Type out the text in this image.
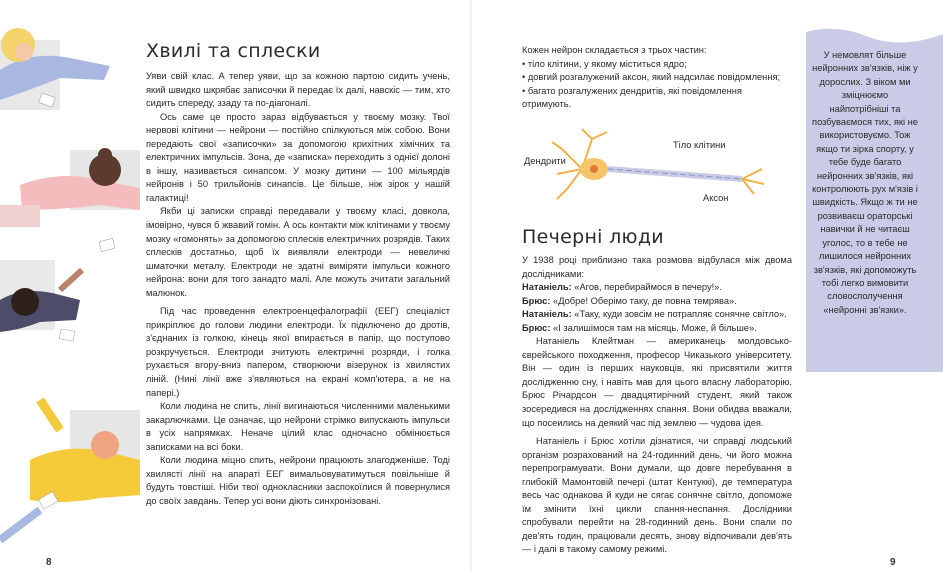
Хвилі та сплески

Уяви свій клас. А тепер уяви, що за кожною партою сидить учень, який швидко шкрябає записочки й передає їх далі, навскіс — тим, хто сидить спереду, ззаду та по-діагоналі.

Ось саме це просто зараз відбувається у твоєму мозку. Твої нервові клітини — нейрони — постійно спілкуються між собою. Вони передають свої «записочки» за допомогою крихітних хімічних та електричних імпульсів. Зона, де «записка» переходить з однієї долоні в іншу, називається синапсом. У мозку дитини — 100 мільярдів нейронів і 50 трильйонів синапсів. Це більше, ніж зірок у нашій галактиці!

Якби ці записки справді передавали у твоєму класі, довкола, імовірно, чувся б жвавий гомін. А ось контакти між клітинами у твоєму мозку «гомонять» за допомогою сплесків електричних розрядів. Таких сплесків достатньо, щоб їх виявляли електроди — невеличкі шматочки металу. Електроди не здатні виміряти імпульси кожного нейрона: вони для того занадто малі. Але можуть зчитати загальний малюнок.

Під час проведення електроенцефалографії (ЕЕГ) спеціаліст прикріплює до голови людини електроди. Їх підключено до дротів, з'єднаних із голкою, кінець якої впирається в папір, що поступово розкручується. Електроди зчитують електричні розряди, і голка рухається вгору-вниз папером, створюючи візерунок із хвилястих ліній. (Нині лінії вже з'являються на екрані комп'ютера, а не на папері.)

Коли людина не спить, лінії вигинаються численними маленькими закарлючками. Це означає, що нейрони стрімко випускають імпульси в усіх напрямках. Неначе цілий клас одночасно обмінюється записками на всі боки.

Коли людина міцно спить, нейрони працюють злагодженіше. Тоді хвилясті лінії на апараті ЕЕГ вимальовуватимуться повільніше й будуть товстіші. Ніби твої однокласники заспокоїлися й повернулися до своїх завдань. Тепер усі вони діють синхронізовані.

8

Кожен нейрон складається з трьох частин:

• тіло клітини, у якому міститься ядро;

• довгий розгалужений аксон, який надсилає повідомлення;

• багато розгалужених дендритів, які повідомлення отримують.

Тіло клітини
Дендрити
Аксон
Печерні люди

У 1938 році приблизно така розмова відбулася між двома дослідниками:

Натаніель: «Агов, перебираймося в печеру!».

Брюс: «Добре! Оберімо таку, де повна темрява».

Натаніель: «Таку, куди зовсім не потрапляє сонячне світло».

Брюс: «І залишімося там на місяць. Може, й більше».

Натаніель Клейтман — американець молдовсько-єврейського походження, професор Чиказького університету. Він — один із перших науковців, які присвятили життя дослідженню сну, і навіть мав для цього власну лабораторію. Брюс Річардсон — двадцятирічний студент, який також зосередився на дослідженнях спання. Вони обидва вважали, що посеились на деякий час під землею — чудова ідея.

Натаніель і Брюс хотіли дізнатися, чи справді людський організм розрахований на 24-годинний день, чи його можна перепрограмувати. Вони думали, що довге перебування в глибокій Мамонтовій печері (штат Кентуккі), де температура весь час однакова й куди не сягає сонячне світло, допоможе їм змінити їхні цикли спання-неспання. Дослідники спробували перейти на 28-годинний день. Вони спали по дев'ять годин, працювали десять, знову відпочивали дев'ять — і далі в такому самому режимі.

У немовлят більше нейронних зв'язків, ніж у дорослих. З віком ми зміцнюємо найпотрібніші та позбуваємося тих, які не використовуємо. Тож якщо ти зірка спорту, у тебе буде багато нейронних зв'язків, які контролюють рух м'язів і швидкість. Якщо ж ти не розвиваєш ораторські навички й не читаєш уголос, то в тебе не лишилося нейронних зв'язків, які допоможуть тобі легко вимовити словосполучення «нейронні зв'язки».
9
